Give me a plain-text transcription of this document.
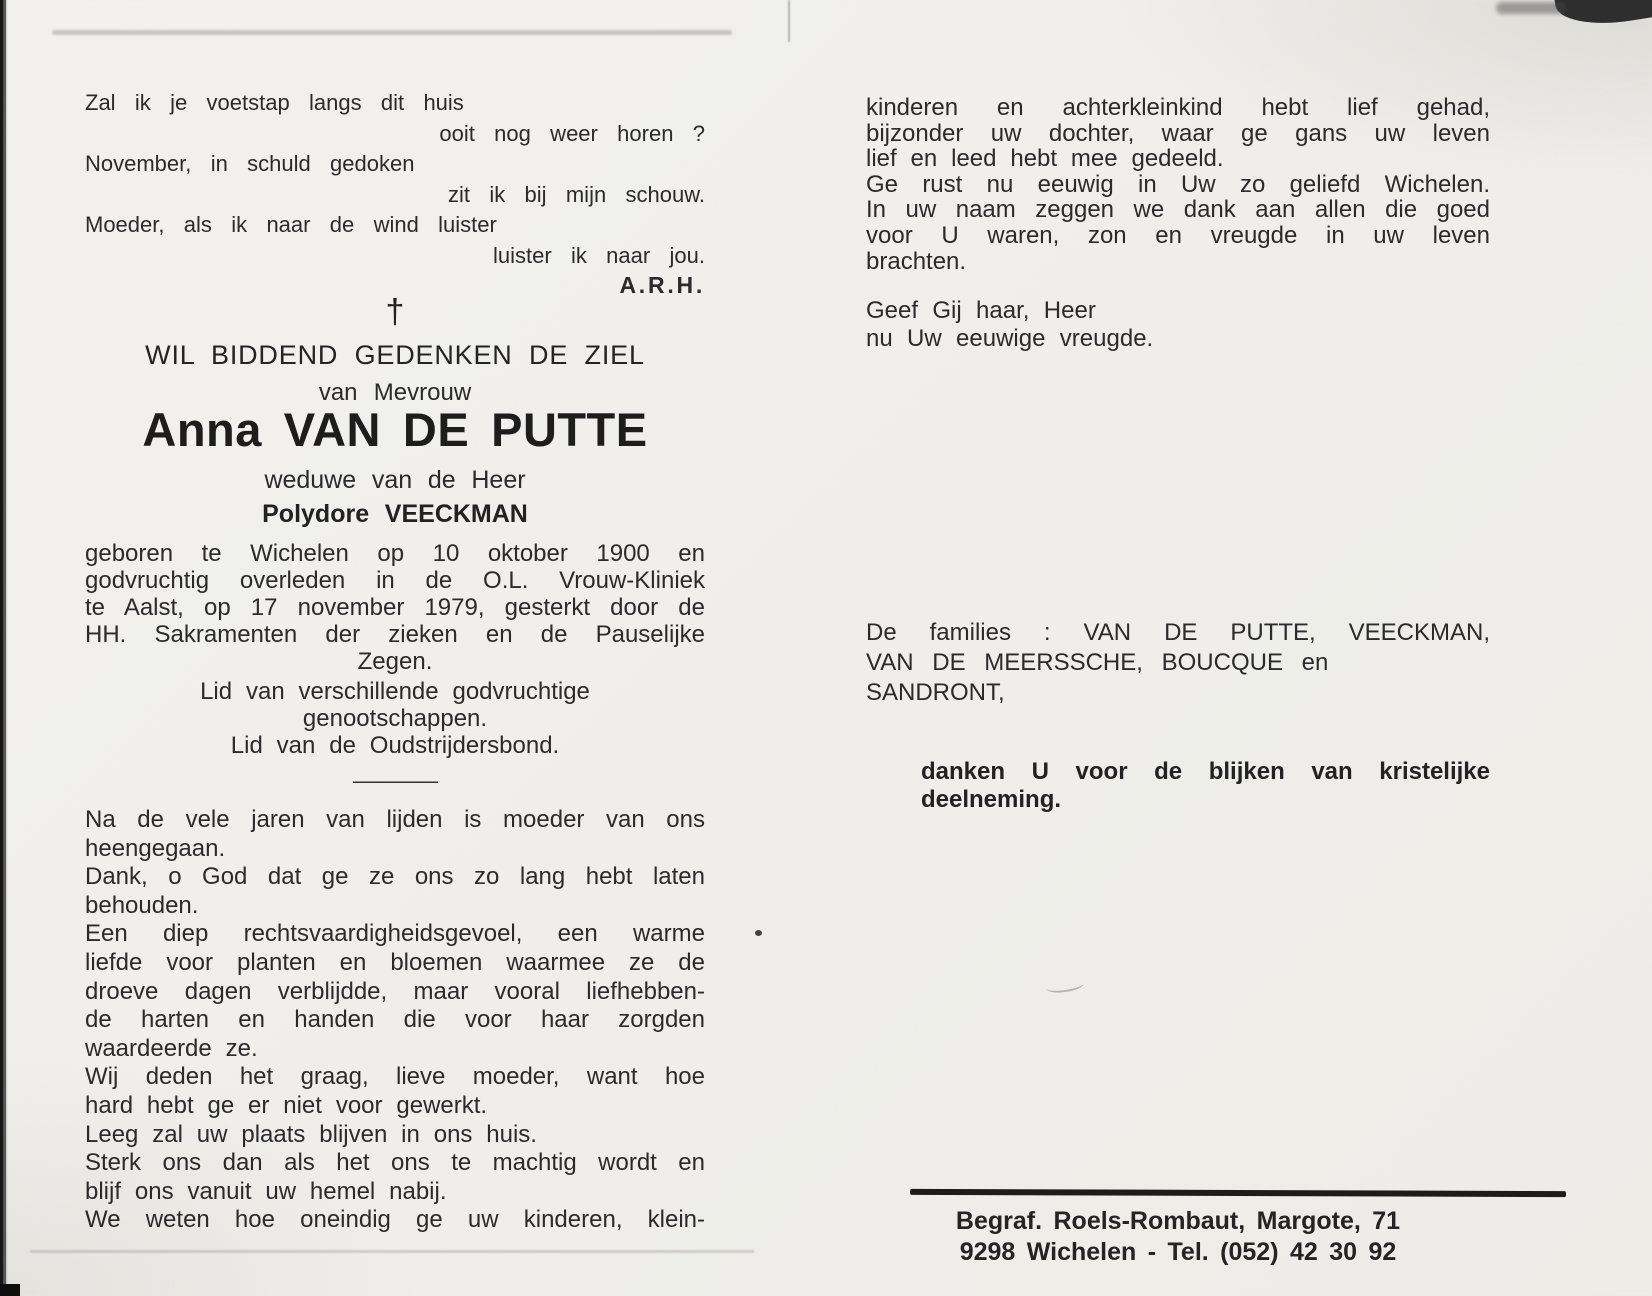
Zal ik je voetstap langs dit huis
ooit nog weer horen ?
November, in schuld gedoken
zit ik bij mijn schouw.
Moeder, als ik naar de wind luister
luister ik naar jou.
A.R.H.
†
WIL BIDDEND GEDENKEN DE ZIEL
van Mevrouw
Anna VAN DE PUTTE
weduwe van de Heer
Polydore VEECKMAN
geboren te Wichelen op 10 oktober 1900 en
godvruchtig overleden in de O.L. Vrouw-Kliniek
te Aalst, op 17 november 1979, gesterkt door de
HH. Sakramenten der zieken en de Pauselijke
Zegen.
Lid van verschillende godvruchtige
genootschappen.
Lid van de Oudstrijdersbond.
————
Na de vele jaren van lijden is moeder van ons
heengegaan.
Dank, o God dat ge ze ons zo lang hebt laten
behouden.
Een diep rechtsvaardigheidsgevoel, een warme
liefde voor planten en bloemen waarmee ze de
droeve dagen verblijdde, maar vooral liefhebben-
de harten en handen die voor haar zorgden
waardeerde ze.
Wij deden het graag, lieve moeder, want hoe
hard hebt ge er niet voor gewerkt.
Leeg zal uw plaats blijven in ons huis.
Sterk ons dan als het ons te machtig wordt en
blijf ons vanuit uw hemel nabij.
We weten hoe oneindig ge uw kinderen, klein-
kinderen en achterkleinkind hebt lief gehad,
bijzonder uw dochter, waar ge gans uw leven
lief en leed hebt mee gedeeld.
Ge rust nu eeuwig in Uw zo geliefd Wichelen.
In uw naam zeggen we dank aan allen die goed
voor U waren, zon en vreugde in uw leven
brachten.
Geef Gij haar, Heer
nu Uw eeuwige vreugde.
De families : VAN DE PUTTE, VEECKMAN,
VAN DE MEERSSCHE, BOUCQUE en
SANDRONT,
danken U voor de blijken van kristelijke
deelneming.
Begraf. Roels-Rombaut, Margote, 71
9298 Wichelen - Tel. (052) 42 30 92
